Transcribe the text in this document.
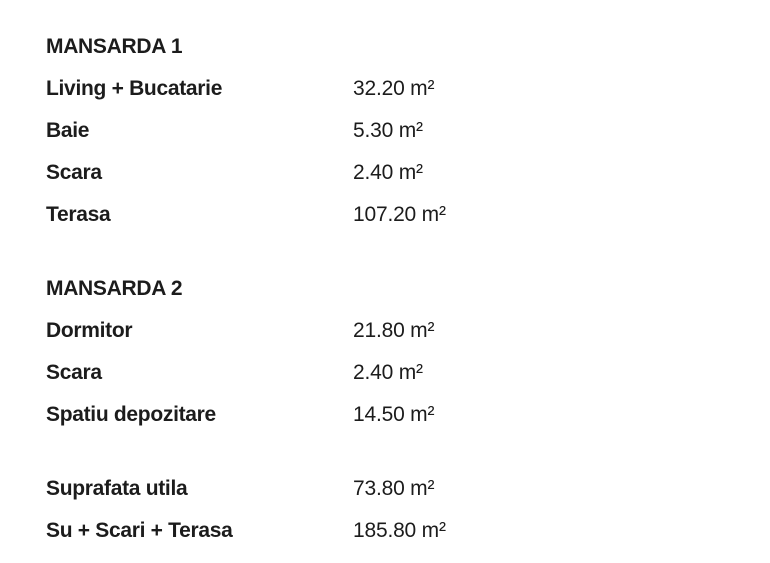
MANSARDA 1
Living + Bucatarie	32.20 m²
Baie	5.30 m²
Scara	2.40 m²
Terasa	107.20 m²
MANSARDA 2
Dormitor	21.80 m²
Scara	2.40 m²
Spatiu depozitare	14.50 m²
Suprafata utila	73.80 m²
Su + Scari + Terasa	185.80 m²
